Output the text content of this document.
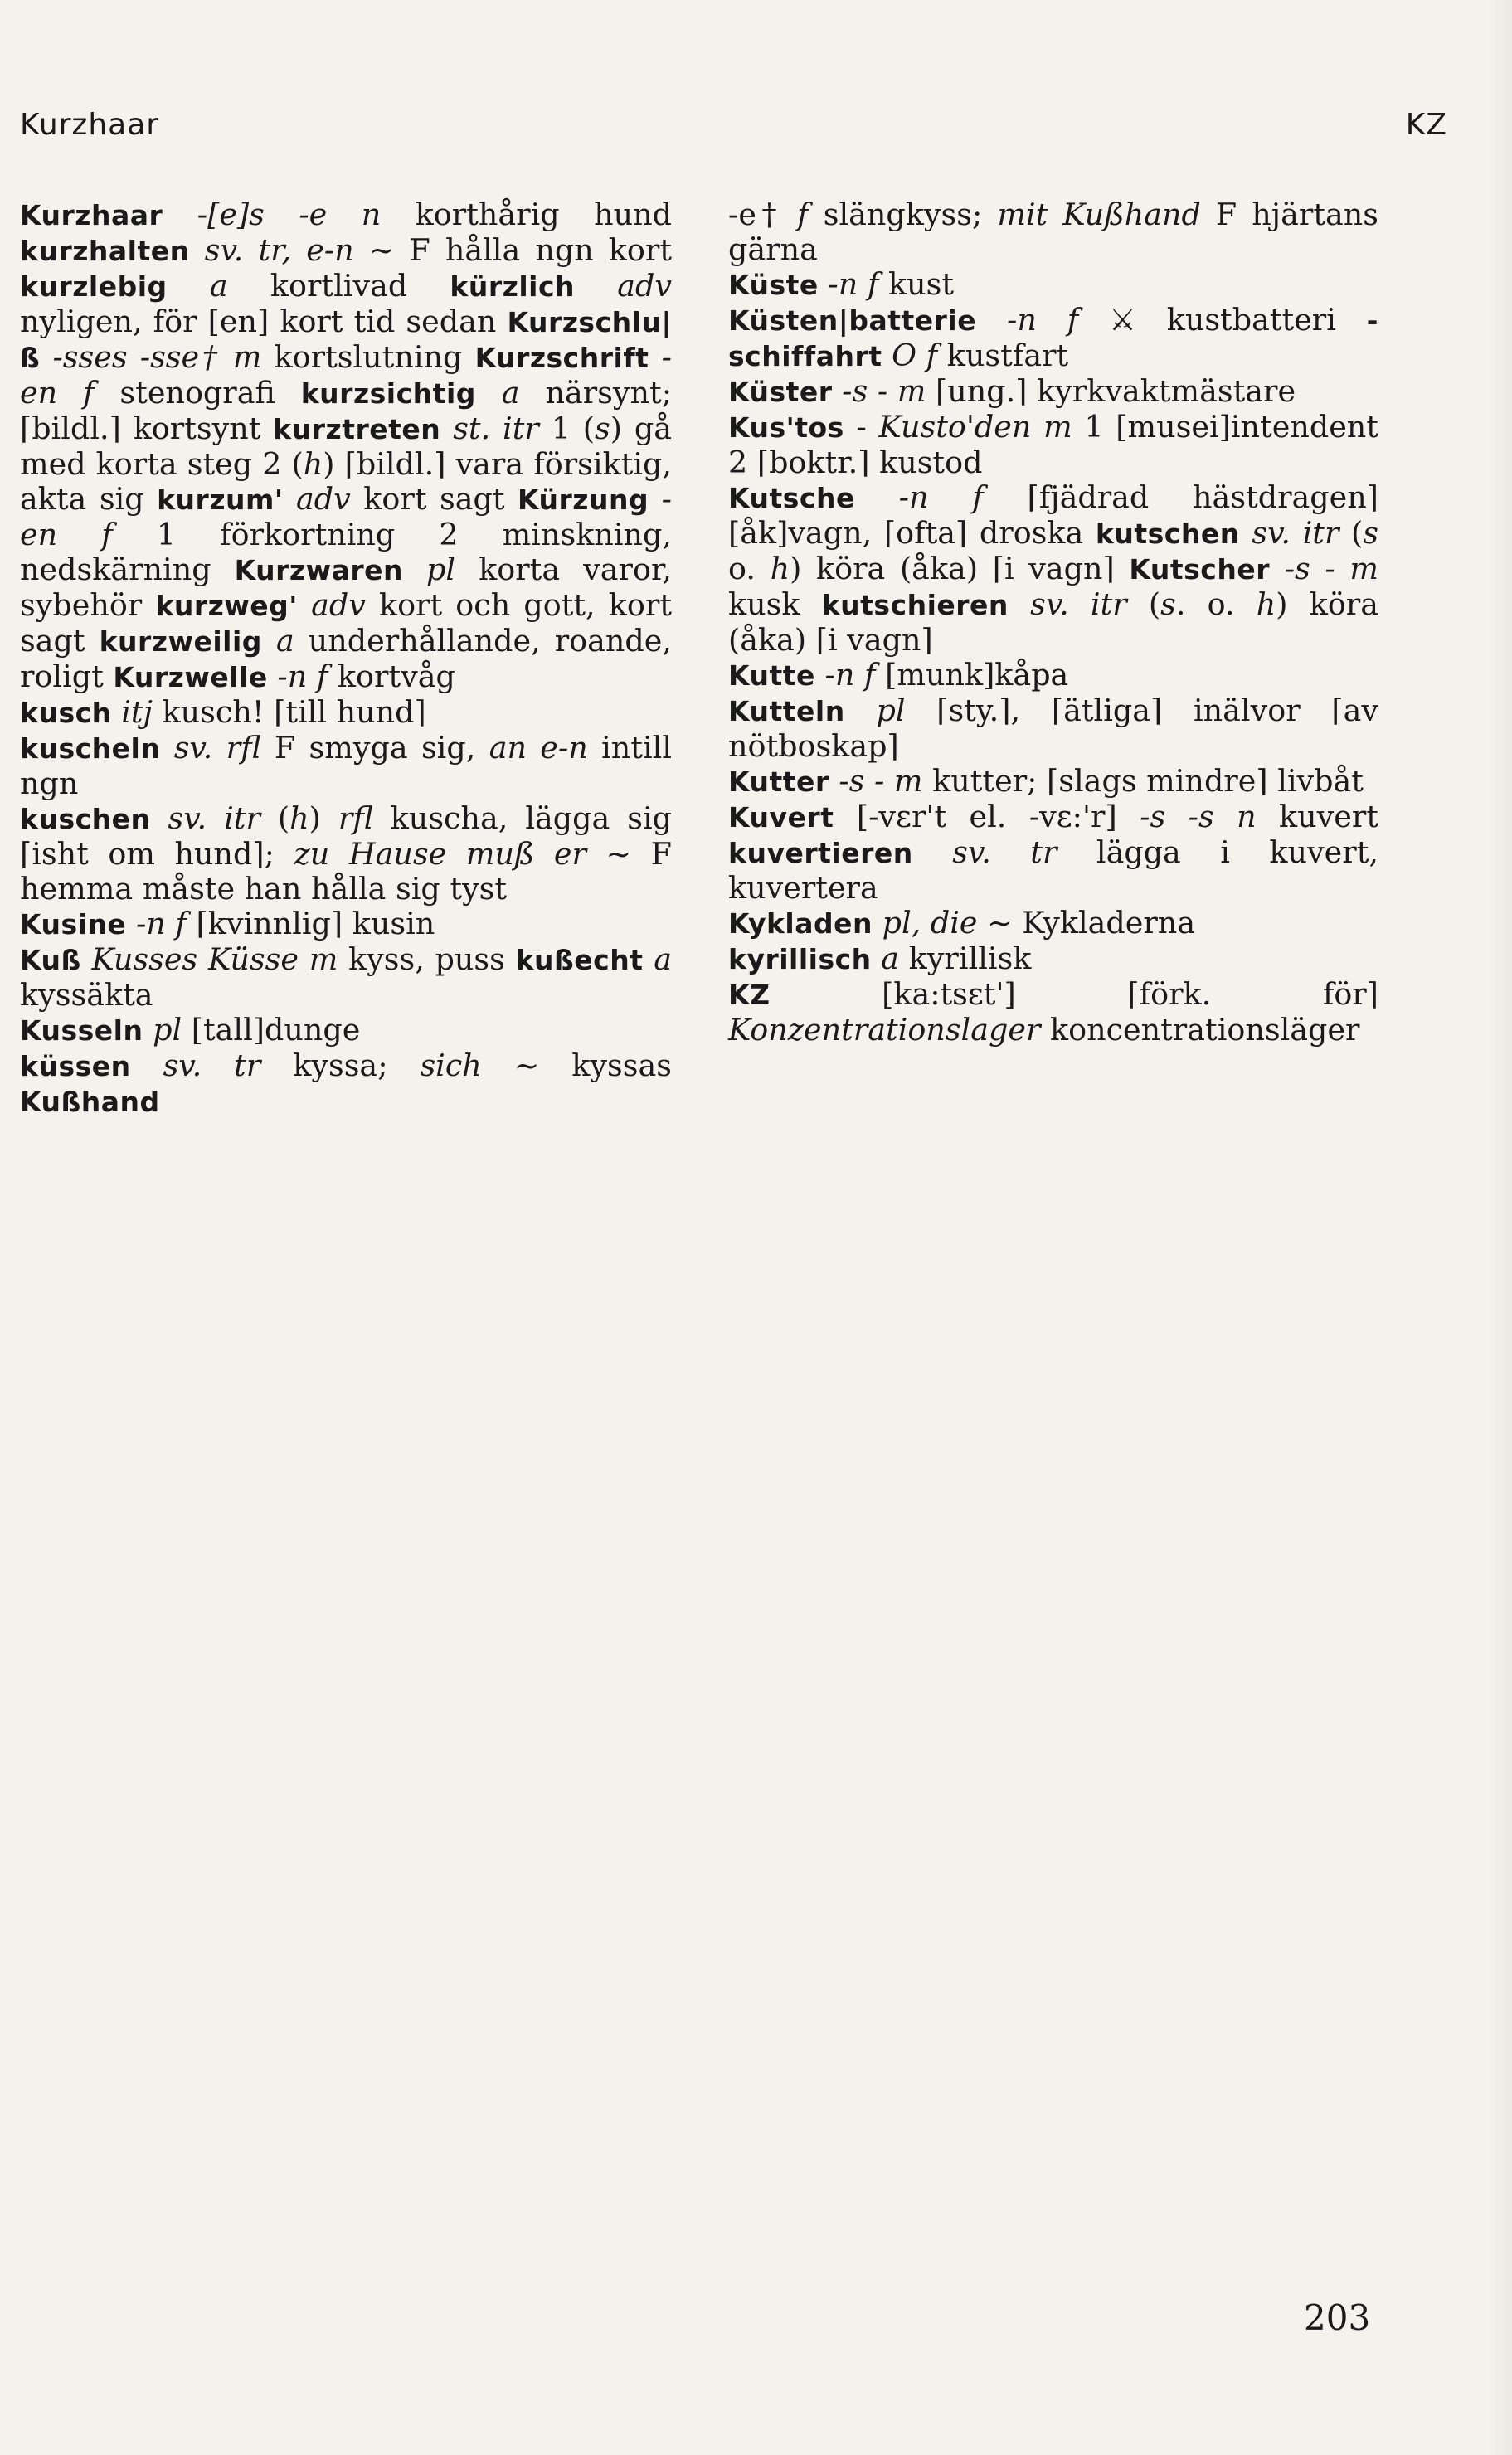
Kurzhaar	KZ

Kurzhaar -[e]s -e n korthårig hund kurzhalten sv. tr, e-n ~ F hålla ngn kort kurzlebig a kortlivad kürzlich adv nyligen, för [en] kort tid sedan Kurzschlu|ß -sses -sse† m kortslutning Kurzschrift -en f stenografi kurzsichtig a närsynt; ⌈bildl.⌉ kortsynt kurztreten st. itr 1 (s) gå med korta steg 2 (h) ⌈bildl.⌉ vara försiktig, akta sig kurzum' adv kort sagt Kürzung -en f 1 förkortning 2 minskning, nedskärning Kurzwaren pl korta varor, sybehör kurzweg' adv kort och gott, kort sagt kurzweilig a underhållande, roande, roligt Kurzwelle -n f kortvåg

kusch itj kusch! ⌈till hund⌉

kuscheln sv. rfl F smyga sig, an e-n intill ngn

kuschen sv. itr (h) rfl kuscha, lägga sig ⌈isht om hund⌉; zu Hause muß er ~ F hemma måste han hålla sig tyst

Kusine -n f ⌈kvinnlig⌉ kusin

Kuß Kusses Küsse m kyss, puss kußecht a kyssäkta

Kusseln pl [tall]dunge

küssen sv. tr kyssa; sich ~ kyssas Kußhand

-e† f slängkyss; mit Kußhand F hjärtans gärna

Küste -n f kust

Küsten|batterie -n f ⚔ kustbatteri -schiffahrt O f kustfart

Küster -s - m ⌈ung.⌉ kyrkvaktmästare

Kus'tos - Kusto'den m 1 [musei]intendent 2 ⌈boktr.⌉ kustod

Kutsche -n f ⌈fjädrad hästdragen⌉ [åk]vagn, ⌈ofta⌉ droska kutschen sv. itr (s o. h) köra (åka) ⌈i vagn⌉ Kutscher -s - m kusk kutschieren sv. itr (s. o. h) köra (åka) ⌈i vagn⌉

Kutte -n f [munk]kåpa

Kutteln pl ⌈sty.⌉, ⌈ätliga⌉ inälvor ⌈av nötboskap⌉

Kutter -s - m kutter; ⌈slags mindre⌉ livbåt

Kuvert [-vɛr't el. -vɛ:'r] -s -s n kuvert kuvertieren sv. tr lägga i kuvert, kuvertera

Kykladen pl, die ~ Kykladerna

kyrillisch a kyrillisk

KZ [ka:tsɛt'] ⌈förk. för⌉ Konzentrationslager koncentrationsläger

203
